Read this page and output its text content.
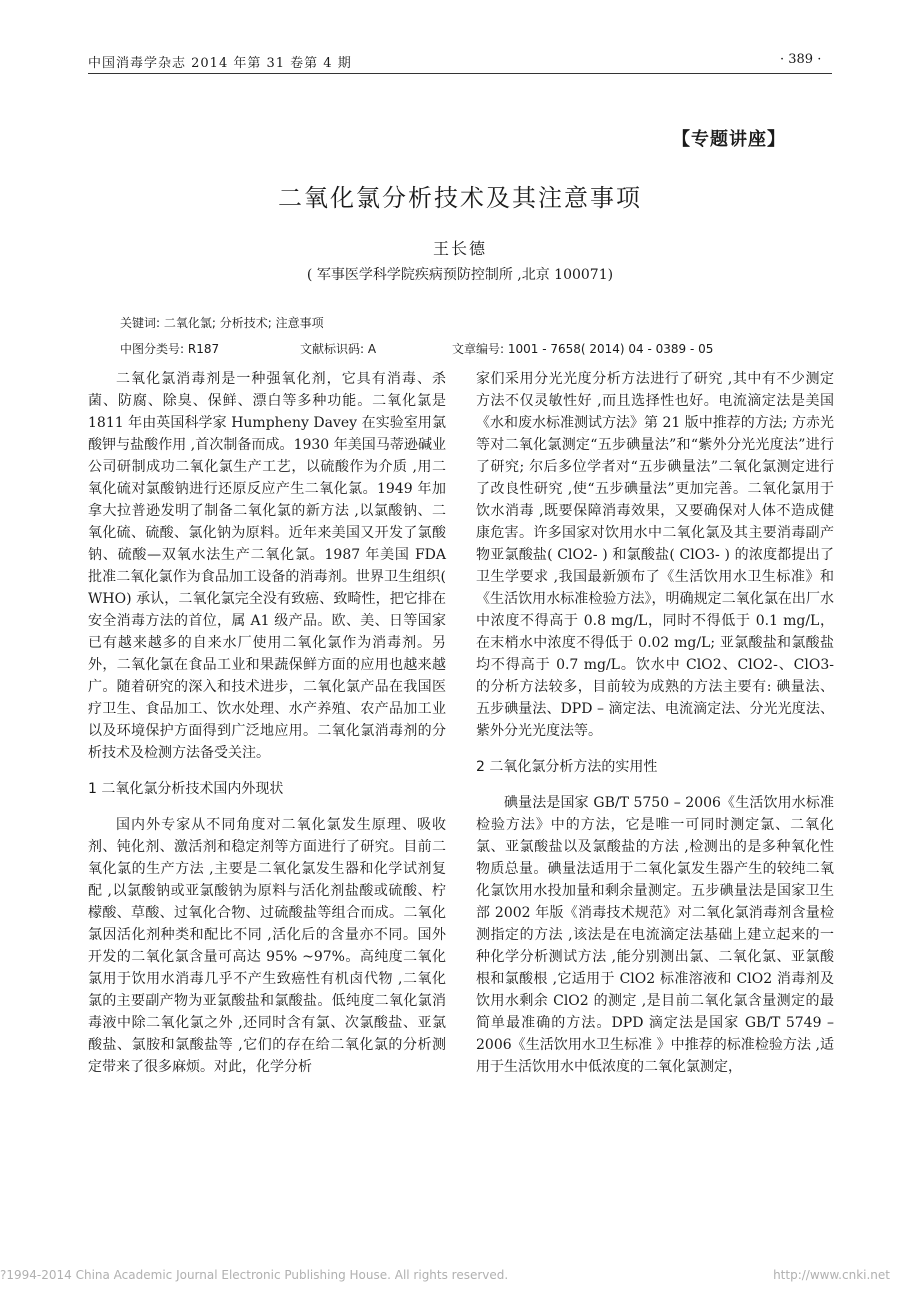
中国消毒学杂志 2014 年第 31 卷第 4 期	· 389 ·
【专题讲座】
二氧化氯分析技术及其注意事项
王长德
( 军事医学科学院疾病预防控制所 ,北京 100071)
关键词: 二氧化氯; 分析技术; 注意事项
中图分类号: R187	文献标识码: A	文章编号: 1001 - 7658( 2014) 04 - 0389 - 05

二氧化氯消毒剂是一种强氧化剂，它具有消毒、杀菌、防腐、除臭、保鲜、漂白等多种功能。二氧化氯是 1811 年由英国科学家 Humpheny Davey 在实验室用氯酸钾与盐酸作用 ,首次制备而成。1930 年美国马蒂逊碱业公司研制成功二氧化氯生产工艺，以硫酸作为介质 ,用二氧化硫对氯酸钠进行还原反应产生二氧化氯。1949 年加拿大拉普逊发明了制备二氧化氯的新方法 ,以氯酸钠、二氧化硫、硫酸、氯化钠为原料。近年来美国又开发了氯酸钠、硫酸—双氧水法生产二氧化氯。1987 年美国 FDA 批准二氧化氯作为食品加工设备的消毒剂。世界卫生组织( WHO) 承认，二氧化氯完全没有致癌、致畸性，把它排在安全消毒方法的首位，属 A1 级产品。欧、美、日等国家已有越来越多的自来水厂使用二氧化氯作为消毒剂。另外，二氧化氯在食品工业和果蔬保鲜方面的应用也越来越广。随着研究的深入和技术进步，二氧化氯产品在我国医疗卫生、食品加工、饮水处理、水产养殖、农产品加工业以及环境保护方面得到广泛地应用。二氧化氯消毒剂的分析技术及检测方法备受关注。

1 二氧化氯分析技术国内外现状

国内外专家从不同角度对二氧化氯发生原理、吸收剂、钝化剂、激活剂和稳定剂等方面进行了研究。目前二氧化氯的生产方法 ,主要是二氧化氯发生器和化学试剂复配 ,以氯酸钠或亚氯酸钠为原料与活化剂盐酸或硫酸、柠檬酸、草酸、过氧化合物、过硫酸盐等组合而成。二氧化氯因活化剂种类和配比不同 ,活化后的含量亦不同。国外开发的二氧化氯含量可高达 95% ~97%。高纯度二氧化氯用于饮用水消毒几乎不产生致癌性有机卤代物 ,二氧化氯的主要副产物为亚氯酸盐和氯酸盐。低纯度二氧化氯消毒液中除二氧化氯之外 ,还同时含有氯、次氯酸盐、亚氯酸盐、氯胺和氯酸盐等 ,它们的存在给二氧化氯的分析测定带来了很多麻烦。对此，化学分析

家们采用分光光度分析方法进行了研究 ,其中有不少测定方法不仅灵敏性好 ,而且选择性也好。电流滴定法是美国《水和废水标准测试方法》第 21 版中推荐的方法; 方赤光等对二氧化氯测定“五步碘量法”和“紫外分光光度法”进行了研究; 尔后多位学者对“五步碘量法”二氧化氯测定进行了改良性研究 ,使“五步碘量法”更加完善。二氧化氯用于饮水消毒 ,既要保障消毒效果，又要确保对人体不造成健康危害。许多国家对饮用水中二氧化氯及其主要消毒副产物亚氯酸盐( ClO2- ) 和氯酸盐( ClO3- ) 的浓度都提出了卫生学要求 ,我国最新颁布了《生活饮用水卫生标准》和《生活饮用水标准检验方法》，明确规定二氧化氯在出厂水中浓度不得高于 0.8 mg/L，同时不得低于 0.1 mg/L，在末梢水中浓度不得低于 0.02 mg/L; 亚氯酸盐和氯酸盐均不得高于 0.7 mg/L。饮水中 ClO2、ClO2-、ClO3- 的分析方法较多，目前较为成熟的方法主要有: 碘量法、五步碘量法、DPD – 滴定法、电流滴定法、分光光度法、紫外分光光度法等。

2 二氧化氯分析方法的实用性

碘量法是国家 GB/T 5750 – 2006《生活饮用水标准检验方法》中的方法，它是唯一可同时测定氯、二氧化氯、亚氯酸盐以及氯酸盐的方法 ,检测出的是多种氧化性物质总量。碘量法适用于二氧化氯发生器产生的较纯二氧化氯饮用水投加量和剩余量测定。五步碘量法是国家卫生部 2002 年版《消毒技术规范》对二氧化氯消毒剂含量检测指定的方法 ,该法是在电流滴定法基础上建立起来的一种化学分析测试方法 ,能分别测出氯、二氧化氯、亚氯酸根和氯酸根 ,它适用于 ClO2 标准溶液和 ClO2 消毒剂及饮用水剩余 ClO2 的测定 ,是目前二氧化氯含量测定的最简单最准确的方法。DPD 滴定法是国家 GB/T 5749 – 2006《生活饮用水卫生标准 》中推荐的标准检验方法 ,适用于生活饮用水中低浓度的二氧化氯测定，

?1994-2014 China Academic Journal Electronic Publishing House. All rights reserved.	http://www.cnki.net
